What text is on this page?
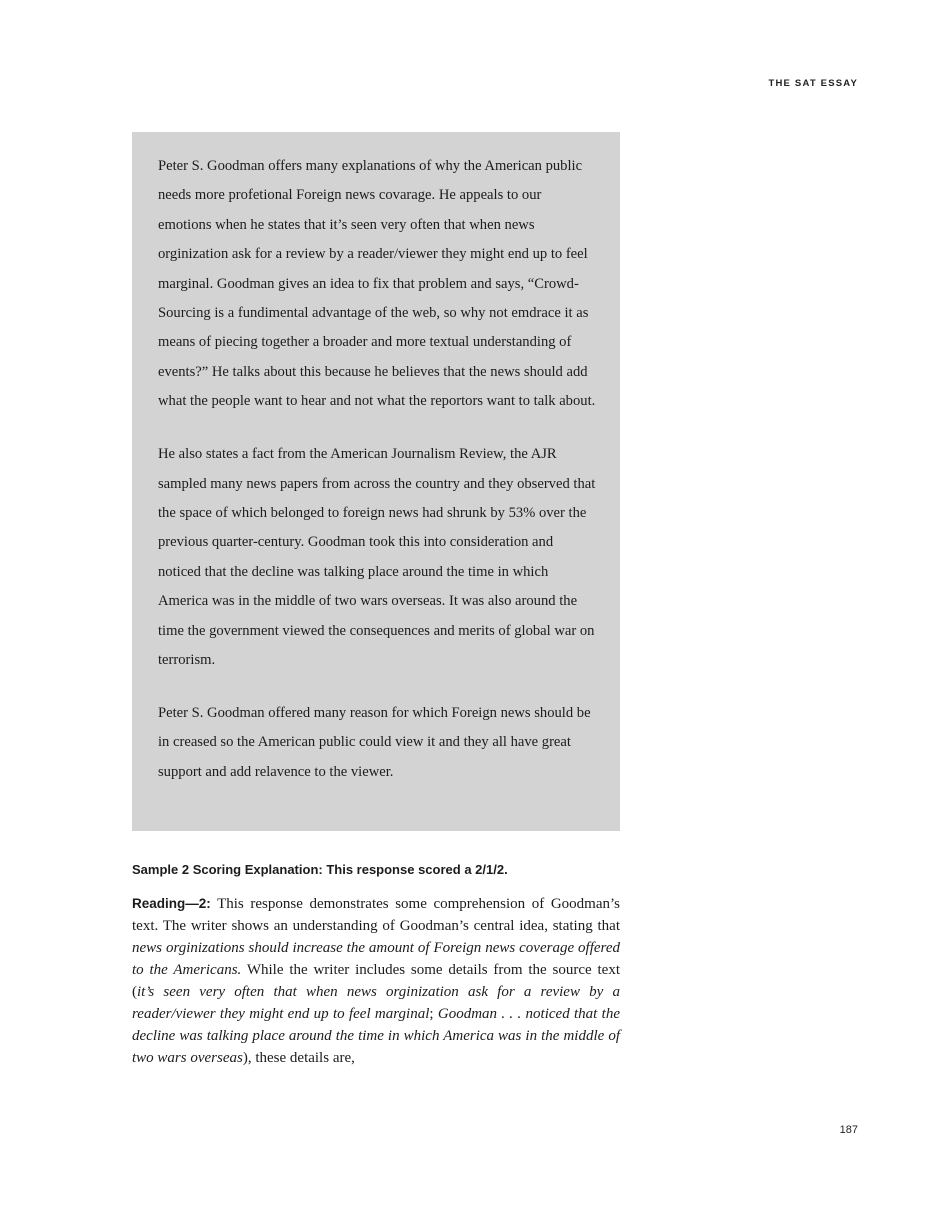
THE SAT ESSAY

Peter S. Goodman offers many explanations of why the American public needs more profetional Foreign news covarage. He appeals to our emotions when he states that it’s seen very often that when news orginization ask for a review by a reader/viewer they might end up to feel marginal. Goodman gives an idea to fix that problem and says, “Crowd-Sourcing is a fundimental advantage of the web, so why not emdrace it as means of piecing together a broader and more textual understanding of events?” He talks about this because he believes that the news should add what the people want to hear and not what the reportors want to talk about.

He also states a fact from the American Journalism Review, the AJR sampled many news papers from across the country and they observed that the space of which belonged to foreign news had shrunk by 53% over the previous quarter-century. Goodman took this into consideration and noticed that the decline was talking place around the time in which America was in the middle of two wars overseas. It was also around the time the government viewed the consequences and merits of global war on terrorism.

Peter S. Goodman offered many reason for which Foreign news should be in creased so the American public could view it and they all have great support and add relavence to the viewer.

Sample 2 Scoring Explanation: This response scored a 2/1/2.

Reading—2: This response demonstrates some comprehension of Goodman’s text. The writer shows an understanding of Goodman’s central idea, stating that news orginizations should increase the amount of Foreign news coverage offered to the Americans. While the writer includes some details from the source text (it’s seen very often that when news orginization ask for a review by a reader/viewer they might end up to feel marginal; Goodman . . . noticed that the decline was talking place around the time in which America was in the middle of two wars overseas), these details are,

187
